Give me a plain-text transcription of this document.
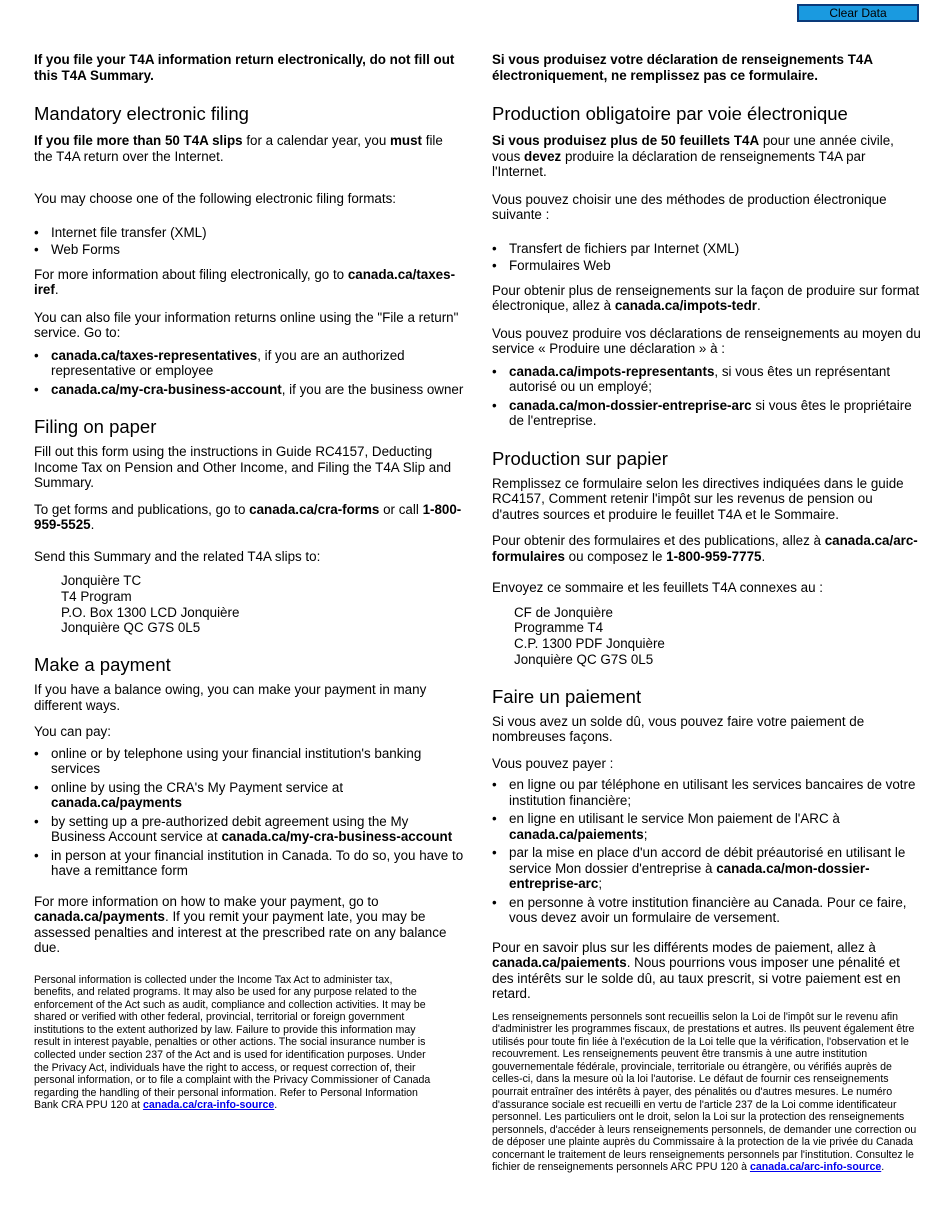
Clear Data

If you file your T4A information return electronically, do not fill out this T4A Summary.

Mandatory electronic filing

If you file more than 50 T4A slips for a calendar year, you must file the T4A return over the Internet.

You may choose one of the following electronic filing formats:

• Internet file transfer (XML)
• Web Forms

For more information about filing electronically, go to canada.ca/taxes-iref.

You can also file your information returns online using the "File a return" service. Go to:

• canada.ca/taxes-representatives, if you are an authorized representative or employee
• canada.ca/my-cra-business-account, if you are the business owner
Filing on paper

Fill out this form using the instructions in Guide RC4157, Deducting Income Tax on Pension and Other Income, and Filing the T4A Slip and Summary.

To get forms and publications, go to canada.ca/cra-forms or call 1-800-959-5525.

Send this Summary and the related T4A slips to:

Jonquière TC
T4 Program
P.O. Box 1300 LCD Jonquière
Jonquière QC G7S 0L5
Make a payment

If you have a balance owing, you can make your payment in many different ways.

You can pay:

• online or by telephone using your financial institution's banking services
• online by using the CRA's My Payment service at canada.ca/payments
• by setting up a pre-authorized debit agreement using the My Business Account service at canada.ca/my-cra-business-account
• in person at your financial institution in Canada. To do so, you have to have a remittance form

For more information on how to make your payment, go to canada.ca/payments. If you remit your payment late, you may be assessed penalties and interest at the prescribed rate on any balance due.

Personal information is collected under the Income Tax Act to administer tax, benefits, and related programs. It may also be used for any purpose related to the enforcement of the Act such as audit, compliance and collection activities. It may be shared or verified with other federal, provincial, territorial or foreign government institutions to the extent authorized by law. Failure to provide this information may result in interest payable, penalties or other actions. The social insurance number is collected under section 237 of the Act and is used for identification purposes. Under the Privacy Act, individuals have the right to access, or request correction of, their personal information, or to file a complaint with the Privacy Commissioner of Canada regarding the handling of their personal information. Refer to Personal Information Bank CRA PPU 120 at canada.ca/cra-info-source.

Si vous produisez votre déclaration de renseignements T4A électroniquement, ne remplissez pas ce formulaire.

Production obligatoire par voie électronique

Si vous produisez plus de 50 feuillets T4A pour une année civile, vous devez produire la déclaration de renseignements T4A par l'Internet.

Vous pouvez choisir une des méthodes de production électronique suivante :

• Transfert de fichiers par Internet (XML)
• Formulaires Web

Pour obtenir plus de renseignements sur la façon de produire sur format électronique, allez à canada.ca/impots-tedr.

Vous pouvez produire vos déclarations de renseignements au moyen du service « Produire une déclaration » à :

• canada.ca/impots-representants, si vous êtes un représentant autorisé ou un employé;
• canada.ca/mon-dossier-entreprise-arc si vous êtes le propriétaire de l'entreprise.
Production sur papier

Remplissez ce formulaire selon les directives indiquées dans le guide RC4157, Comment retenir l'impôt sur les revenus de pension ou d'autres sources et produire le feuillet T4A et le Sommaire.

Pour obtenir des formulaires et des publications, allez à canada.ca/arc-formulaires ou composez le 1-800-959-7775.

Envoyez ce sommaire et les feuillets T4A connexes au :

CF de Jonquière
Programme T4
C.P. 1300 PDF Jonquière
Jonquière QC G7S 0L5
Faire un paiement

Si vous avez un solde dû, vous pouvez faire votre paiement de nombreuses façons.

Vous pouvez payer :

• en ligne ou par téléphone en utilisant les services bancaires de votre institution financière;
• en ligne en utilisant le service Mon paiement de l'ARC à canada.ca/paiements;
• par la mise en place d'un accord de débit préautorisé en utilisant le service Mon dossier d'entreprise à canada.ca/mon-dossier-entreprise-arc;
• en personne à votre institution financière au Canada. Pour ce faire, vous devez avoir un formulaire de versement.

Pour en savoir plus sur les différents modes de paiement, allez à canada.ca/paiements. Nous pourrions vous imposer une pénalité et des intérêts sur le solde dû, au taux prescrit, si votre paiement est en retard.

Les renseignements personnels sont recueillis selon la Loi de l'impôt sur le revenu afin d'administrer les programmes fiscaux, de prestations et autres. Ils peuvent également être utilisés pour toute fin liée à l'exécution de la Loi telle que la vérification, l'observation et le recouvrement. Les renseignements peuvent être transmis à une autre institution gouvernementale fédérale, provinciale, territoriale ou étrangère, ou vérifiés auprès de celles-ci, dans la mesure où la loi l'autorise. Le défaut de fournir ces renseignements pourrait entraîner des intérêts à payer, des pénalités ou d'autres mesures. Le numéro d'assurance sociale est recueilli en vertu de l'article 237 de la Loi comme identificateur personnel. Les particuliers ont le droit, selon la Loi sur la protection des renseignements personnels, d'accéder à leurs renseignements personnels, de demander une correction ou de déposer une plainte auprès du Commissaire à la protection de la vie privée du Canada concernant le traitement de leurs renseignements personnels par l'institution. Consultez le fichier de renseignements personnels ARC PPU 120 à canada.ca/arc-info-source.
